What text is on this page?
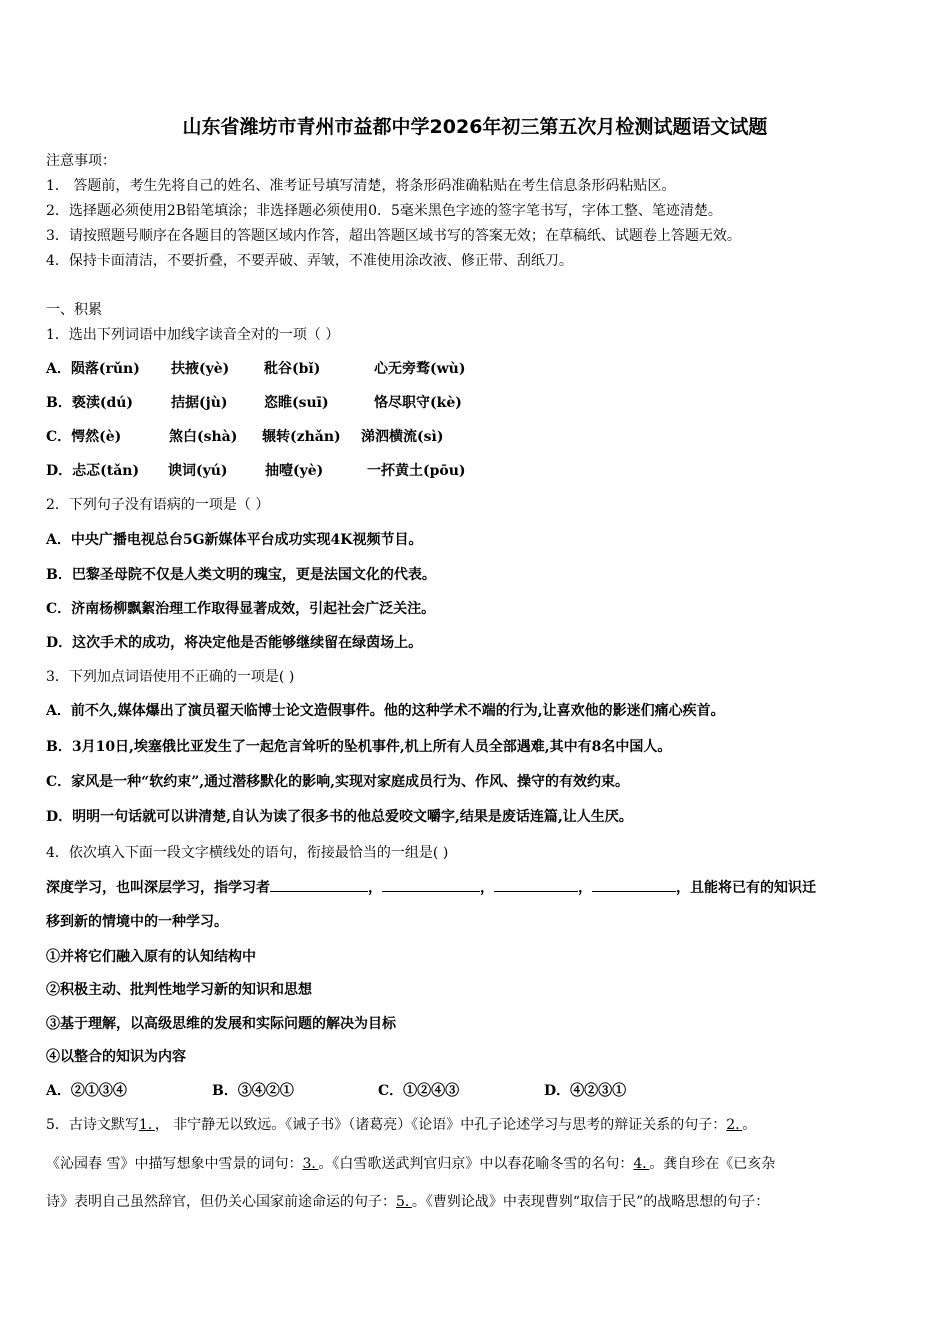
山东省潍坊市青州市益都中学2026年初三第五次月检测试题语文试题
注意事项：
1． 答题前，考生先将自己的姓名、准考证号填写清楚，将条形码准确粘贴在考生信息条形码粘贴区。
2．选择题必须使用2B铅笔填涂；非选择题必须使用0．5毫米黑色字迹的签字笔书写，字体工整、笔迹清楚。
3．请按照题号顺序在各题目的答题区域内作答，超出答题区域书写的答案无效；在草稿纸、试题卷上答题无效。
4．保持卡面清洁，不要折叠，不要弄破、弄皱，不准使用涂改液、修正带、刮纸刀。
一、积累
1．选出下列词语中加线字读音全对的一项（ ）
A．陨落(rǔn) 扶掖(yè) 秕谷(bǐ)	心无旁骛(wù)
B．亵渎(dú)	拮据(jù)	恣睢(suī)	恪尽职守(kè)
C．愕然(è)	煞白(shà) 辗转(zhǎn) 涕泗横流(sì)
D．忐忑(tǎn) 谀词(yú)	抽噎(yè)	一抔黄土(pōu)
2．下列句子没有语病的一项是（ ）
A．中央广播电视总台5G新媒体平台成功实现4K视频节目。
B．巴黎圣母院不仅是人类文明的瑰宝，更是法国文化的代表。
C．济南杨柳飘絮治理工作取得显著成效，引起社会广泛关注。
D．这次手术的成功，将决定他是否能够继续留在绿茵场上。
3．下列加点词语使用不正确的一项是( )
A．前不久,媒体爆出了演员翟天临博士论文造假事件。他的这种学术不端的行为,让喜欢他的影迷们痛心疾首。
B．3月10日,埃塞俄比亚发生了一起危言耸听的坠机事件,机上所有人员全部遇难,其中有8名中国人。
C．家风是一种“软约束”,通过潜移默化的影响,实现对家庭成员行为、作风、操守的有效约束。
D．明明一句话就可以讲清楚,自认为读了很多书的他总爱咬文嚼字,结果是废话连篇,让人生厌。
4．依次填入下面一段文字横线处的语句，衔接最恰当的一组是( )
深度学习，也叫深层学习，指学习者	，	，	，	，且能将已有的知识迁
移到新的情境中的一种学习。
①并将它们融入原有的认知结构中
②积极主动、批判性地学习新的知识和思想
③基于理解，以高级思维的发展和实际问题的解决为目标
④以整合的知识为内容
A．②①③④	B．③④②①	C．①②④③	D．④②③①
5．古诗文默写1．， 非宁静无以致远。《诫子书》（诸葛亮）《论语》中孔子论述学习与思考的辩证关系的句子：2．。
《沁园春 雪》中描写想象中雪景的词句：3．。《白雪歌送武判官归京》中以春花喻冬雪的名句：4．。龚自珍在《已亥杂
诗》表明自己虽然辞官，但仍关心国家前途命运的句子：5．。《曹刿论战》中表现曹刿“取信于民”的战略思想的句子：
